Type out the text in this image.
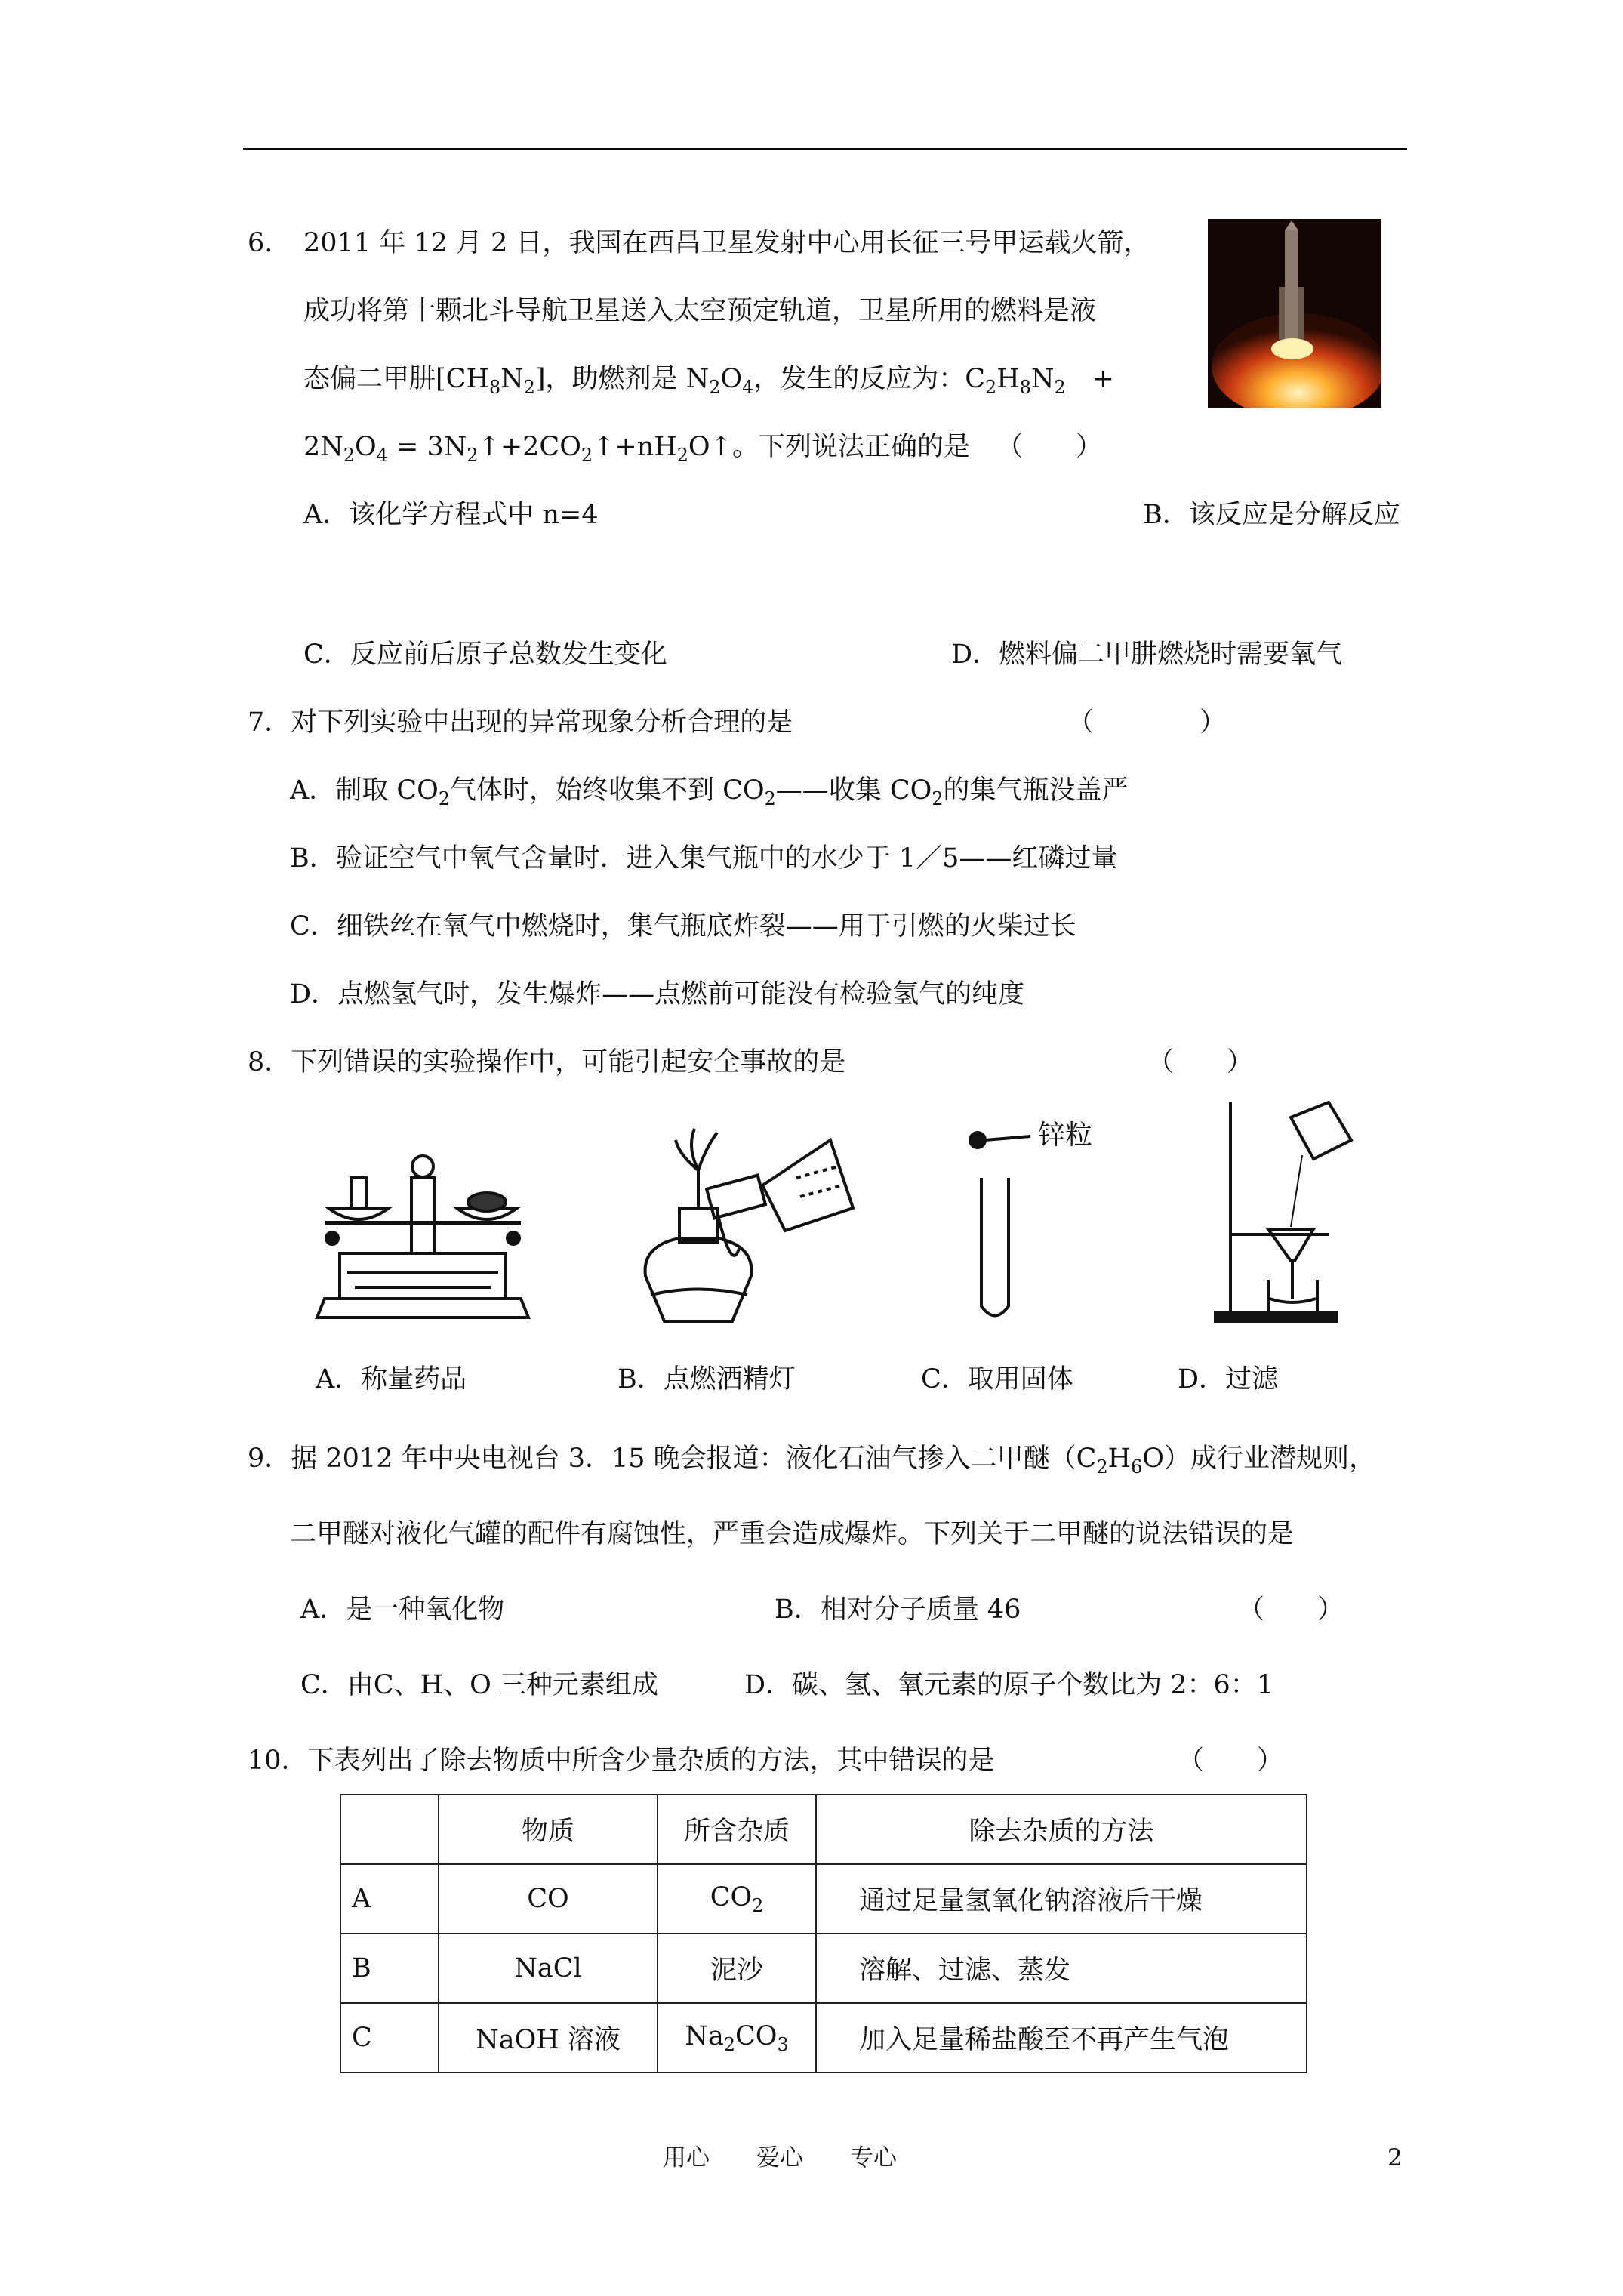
6. 2011 年 12 月 2 日，我国在西昌卫星发射中心用长征三号甲运载火箭，
成功将第十颗北斗导航卫星送入太空预定轨道，卫星所用的燃料是液
态偏二甲肼$[CH_8N_2]$，助燃剂是 $N_2O_4$，发生的反应为：$C_2H_8N_2$　+
$2N_2O_4$ = $3N_2↑+2CO_2↑+nH_2O↑$。下列说法正确的是 （　　）
A．该化学方程式中 n=4	B．该反应是分解反应
C．反应前后原子总数发生变化	D．燃料偏二甲肼燃烧时需要氧气
7．对下列实验中出现的异常现象分析合理的是	（　　　　）
A．制取 $CO_2$气体时，始终收集不到 $CO_2——$收集 $CO_2$的集气瓶没盖严
B．验证空气中氧气含量时．进入集气瓶中的水少于 1／5——红磷过量
C．细铁丝在氧气中燃烧时，集气瓶底炸裂——用于引燃的火柴过长
D．点燃氢气时，发生爆炸——点燃前可能没有检验氢气的纯度
8．下列错误的实验操作中，可能引起安全事故的是	（　　）
锌粒
A．称量药品	B．点燃酒精灯	C．取用固体	D．过滤
9．据 2012 年中央电视台 3．15 晚会报道：液化石油气掺入二甲醚$(C_2H_6O)$成行业潜规则，
二甲醚对液化气罐的配件有腐蚀性，严重会造成爆炸。下列关于二甲醚的说法错误的是
A．是一种氧化物	B．相对分子质量 46	（　　）
C．由C、H、O 三种元素组成	D．碳、氢、氧元素的原子个数比为 2：6：1
10．下表列出了除去物质中所含少量杂质的方法，其中错误的是	（　　）
	物质	所含杂质	除去杂质的方法
A	CO	$CO_2$	通过足量氢氧化钠溶液后干燥
B	NaCl	泥沙	溶解、过滤、蒸发
C	NaOH 溶液	$Na_2CO_3$	加入足量稀盐酸至不再产生气泡
用心　　爱心　　专心	2
